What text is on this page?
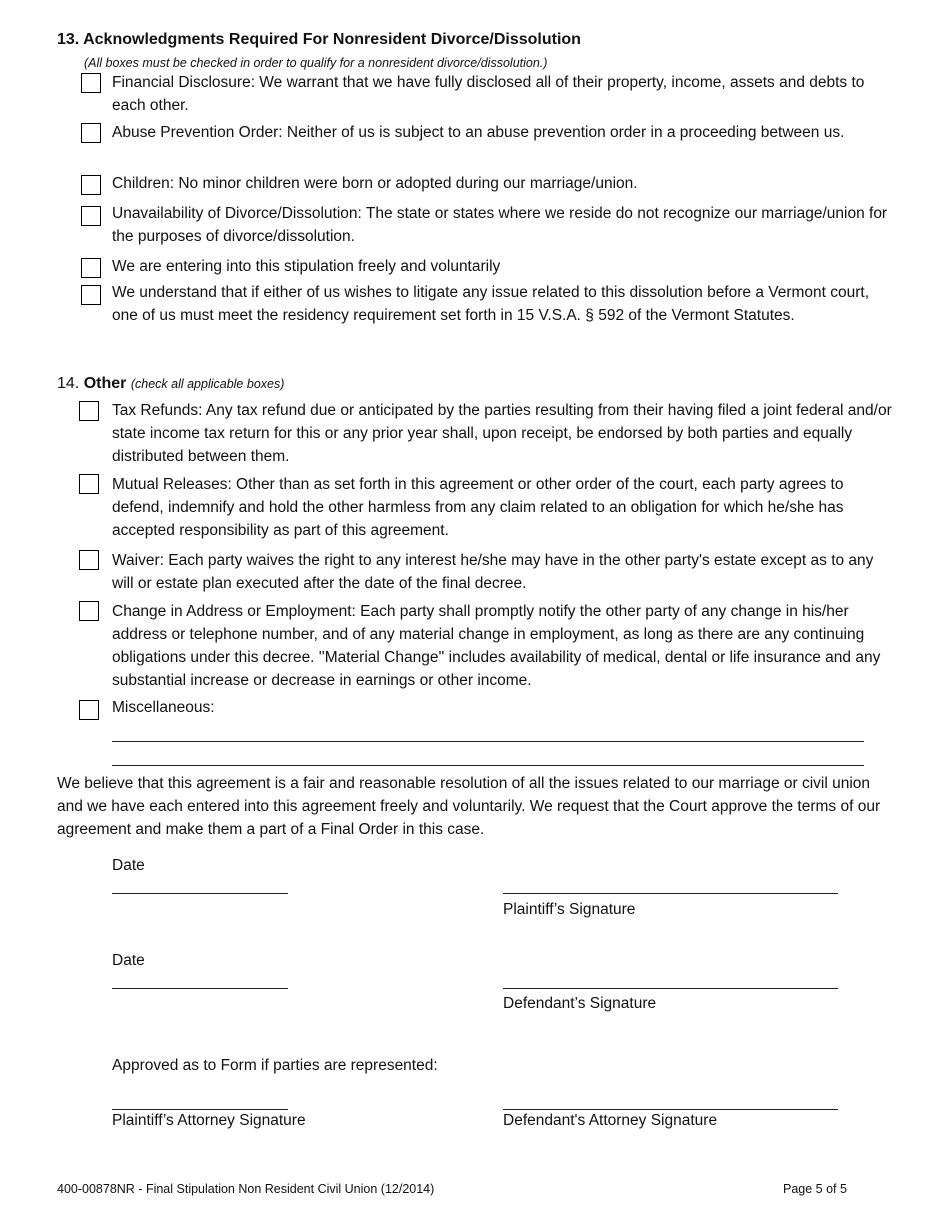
13. Acknowledgments Required For Nonresident Divorce/Dissolution
(All boxes must be checked in order to qualify for a nonresident divorce/dissolution.)
Financial Disclosure: We warrant that we have fully disclosed all of their property, income, assets and debts to each other.
Abuse Prevention Order: Neither of us is subject to an abuse prevention order in a proceeding between us.
Children: No minor children were born or adopted during our marriage/union.
Unavailability of Divorce/Dissolution: The state or states where we reside do not recognize our marriage/union for the purposes of divorce/dissolution.
We are entering into this stipulation freely and voluntarily
We understand that if either of us wishes to litigate any issue related to this dissolution before a Vermont court, one of us must meet the residency requirement set forth in 15 V.S.A. § 592 of the Vermont Statutes.
14. Other (check all applicable boxes)
Tax Refunds: Any tax refund due or anticipated by the parties resulting from their having filed a joint federal and/or state income tax return for this or any prior year shall, upon receipt, be endorsed by both parties and equally distributed between them.
Mutual Releases: Other than as set forth in this agreement or other order of the court, each party agrees to defend, indemnify and hold the other harmless from any claim related to an obligation for which he/she has accepted responsibility as part of this agreement.
Waiver: Each party waives the right to any interest he/she may have in the other party's estate except as to any will or estate plan executed after the date of the final decree.
Change in Address or Employment: Each party shall promptly notify the other party of any change in his/her address or telephone number, and of any material change in employment, as long as there are any continuing obligations under this decree. ''Material Change'' includes availability of medical, dental or life insurance and any substantial increase or decrease in earnings or other income.
Miscellaneous:
We believe that this agreement is a fair and reasonable resolution of all the issues related to our marriage or civil union and we have each entered into this agreement freely and voluntarily. We request that the Court approve the terms of our agreement and make them a part of a Final Order in this case.
Date
Plaintiff’s Signature
Date
Defendant’s Signature
Approved as to Form if parties are represented:
Plaintiff’s Attorney Signature	Defendant's Attorney Signature
400-00878NR - Final Stipulation Non Resident Civil Union (12/2014)	Page 5 of 5
